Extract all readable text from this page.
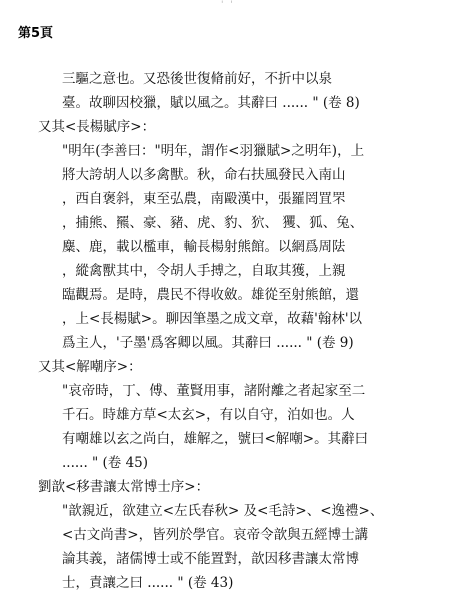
' '
第5頁
三驅之意也。又恐後世復脩前好，不折中以泉
臺。故聊因校獵，賦以風之。其辭曰 ...... " (卷 8)
又其<長楊賦序>：
"明年(李善曰："明年，謂作<羽獵賦>之明年)，上
將大誇胡人以多禽獸。秋，命右扶風發民入南山
，西自褒斜，東至弘農，南毆漢中，張羅罔罝罘
，捕熊、羆、豪、豬、虎、豹、狖、 玃、狐、兔、
麋、鹿，載以檻車，輸長楊射熊館。以網爲周阹
，縱禽獸其中，令胡人手搏之，自取其獲，上親
臨觀焉。是時，農民不得收斂。雄從至射熊館，還
，上<長楊賦>。聊因筆墨之成文章，故藉'翰林'以
爲主人，'子墨'爲客卿以風。其辭曰 ...... " (卷 9)
又其<解嘲序>：
"哀帝時，丁、傅、董賢用事，諸附離之者起家至二
千石。時雄方草<太玄>，有以自守，泊如也。人
有嘲雄以玄之尚白，雄解之，號曰<解嘲>。其辭曰
...... " (卷 45)
劉歆<移書讓太常博士序>：
"歆親近，欲建立<左氏春秋> 及<毛詩>、<逸禮>、
<古文尚書>，皆列於學官。哀帝令歆與五經博士講
論其義，諸儒博士或不能置對，歆因移書讓太常博
士，責讓之曰 ...... " (卷 43)
